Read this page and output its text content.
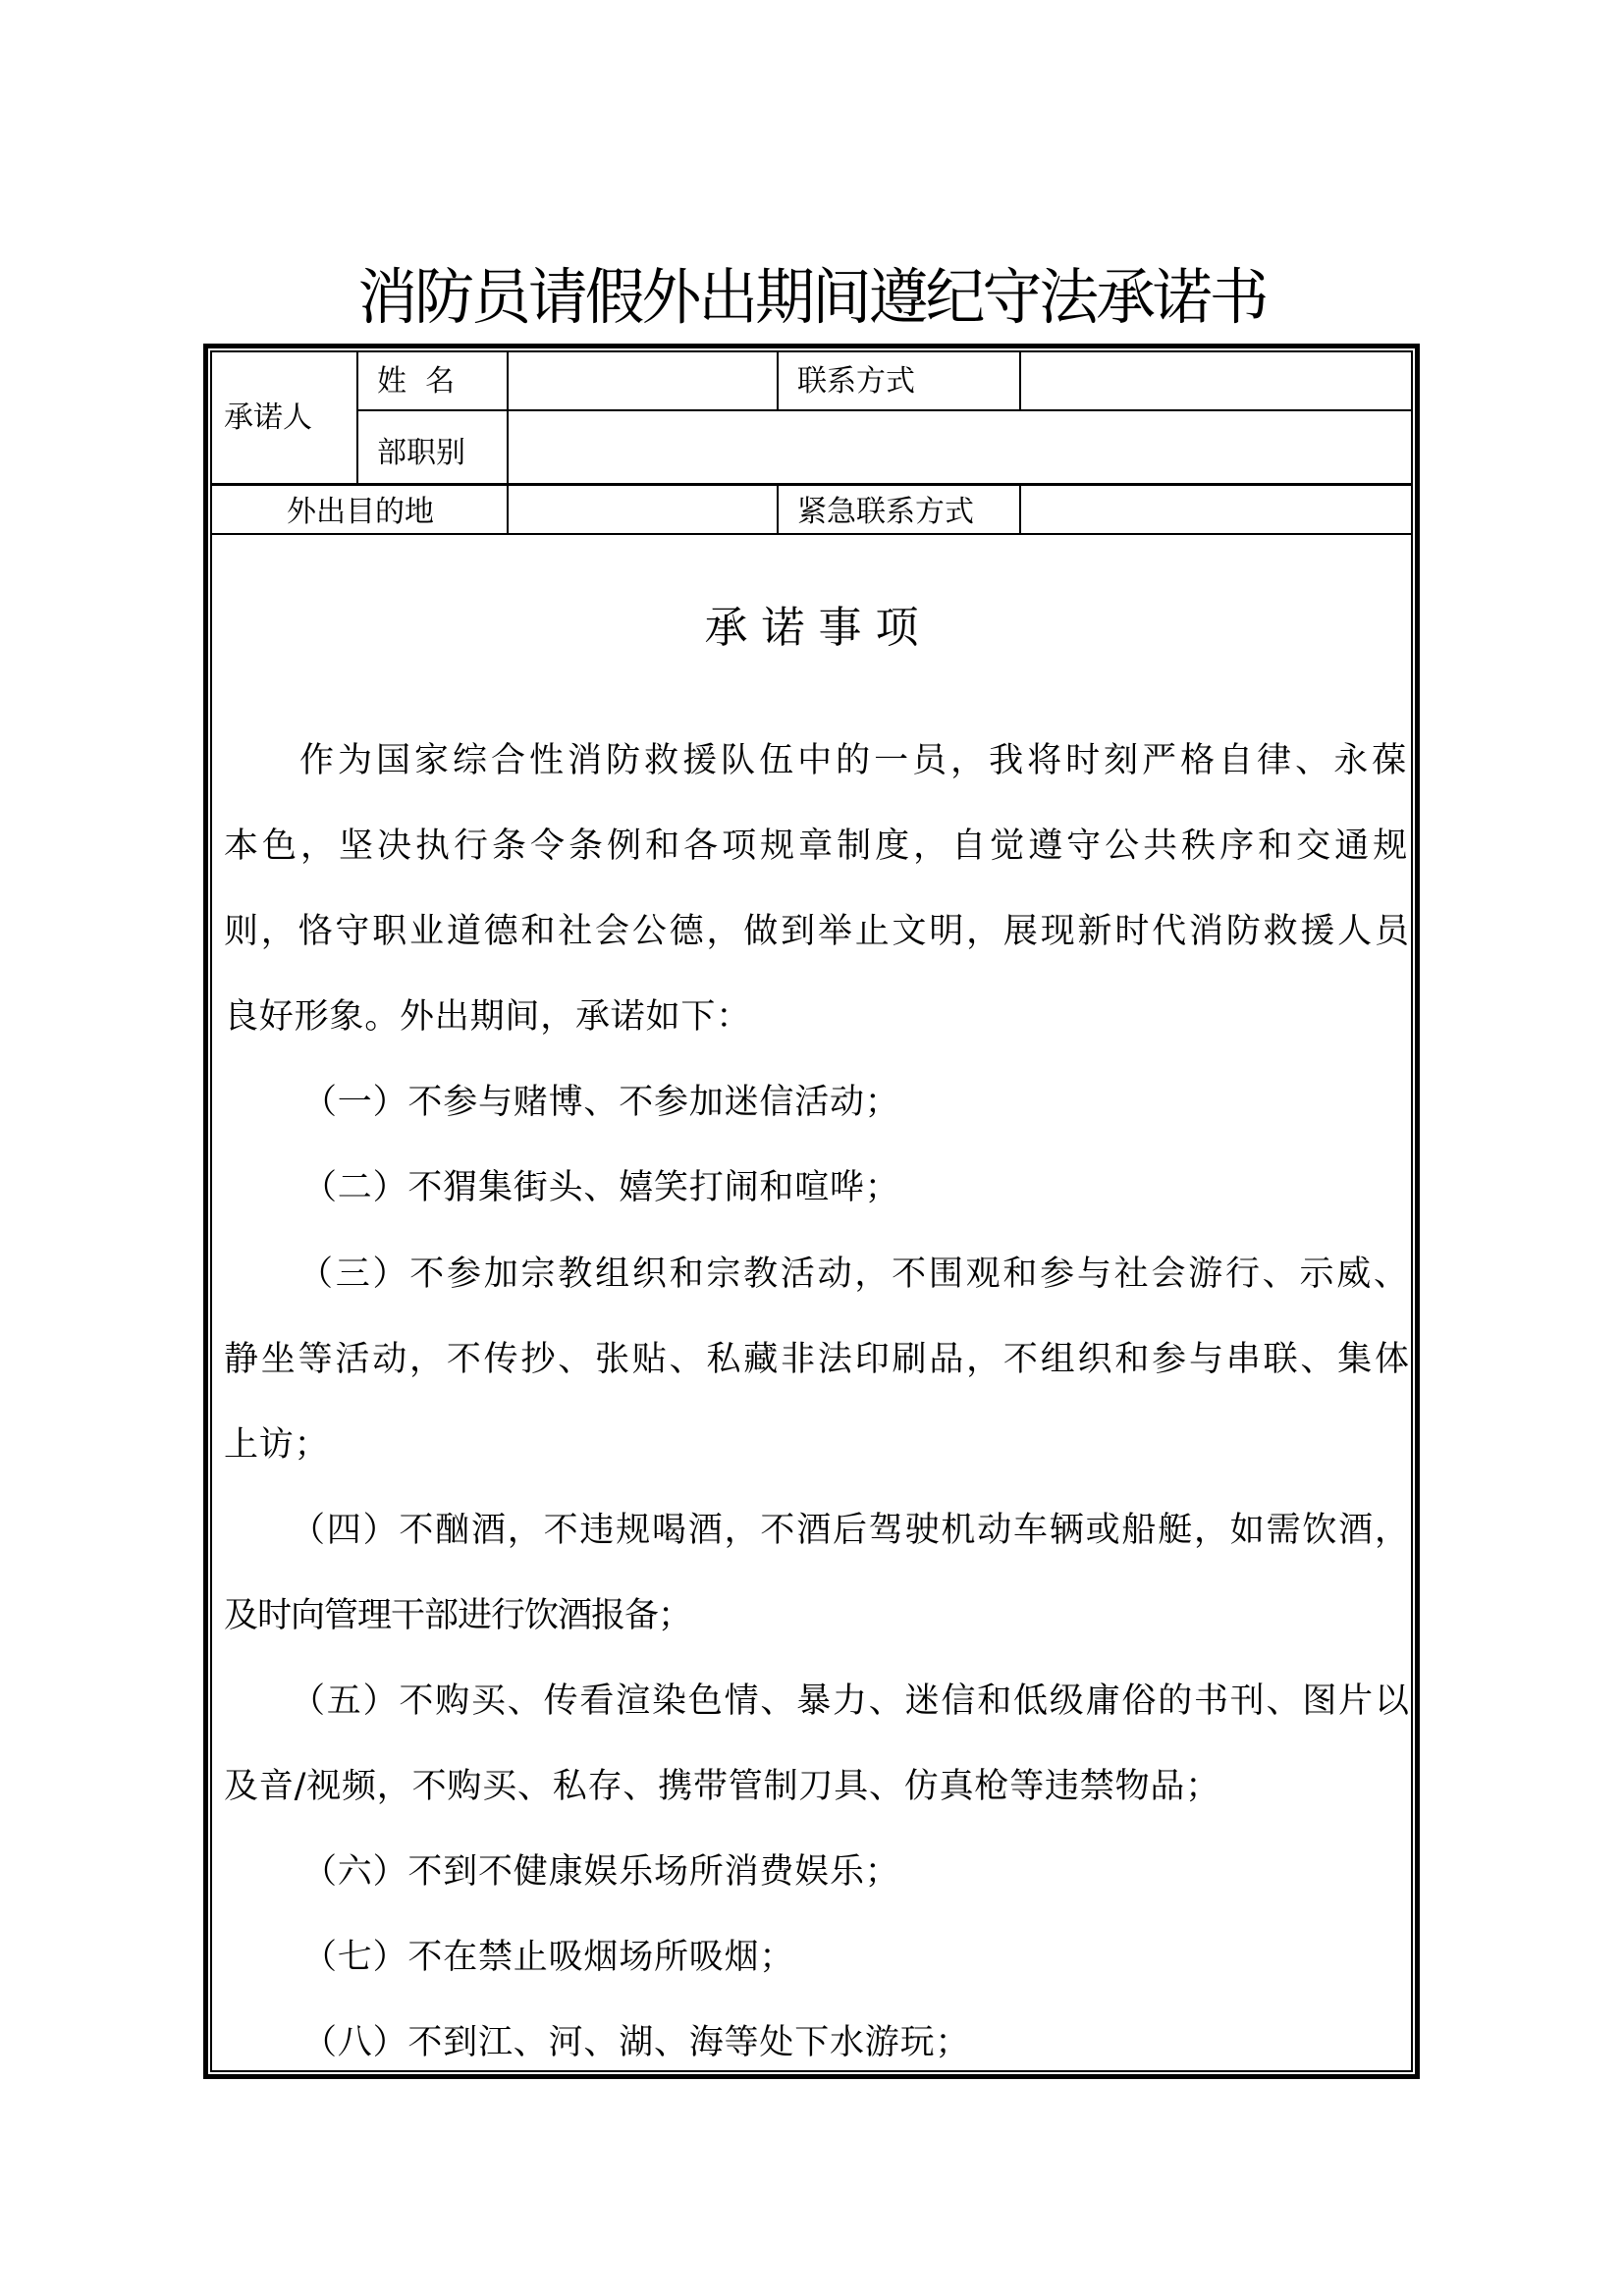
消防员请假外出期间遵纪守法承诺书
承诺人
姓  名	联系方式
部职别
外出目的地	紧急联系方式
承诺事项
作为国家综合性消防救援队伍中的一员，我将时刻严格自律、永葆
本色，坚决执行条令条例和各项规章制度，自觉遵守公共秩序和交通规
则，恪守职业道德和社会公德，做到举止文明，展现新时代消防救援人员
良好形象。外出期间，承诺如下：
（一）不参与赌博、不参加迷信活动；
（二）不猬集街头、嬉笑打闹和喧哗；
（三）不参加宗教组织和宗教活动，不围观和参与社会游行、示威、
静坐等活动，不传抄、张贴、私藏非法印刷品，不组织和参与串联、集体
上访；
（四）不酗酒，不违规喝酒，不酒后驾驶机动车辆或船艇，如需饮酒，
及时向管理干部进行饮酒报备；
（五）不购买、传看渲染色情、暴力、迷信和低级庸俗的书刊、图片以
及音/视频，不购买、私存、携带管制刀具、仿真枪等违禁物品；
（六）不到不健康娱乐场所消费娱乐；
（七）不在禁止吸烟场所吸烟；
（八）不到江、河、湖、海等处下水游玩；
